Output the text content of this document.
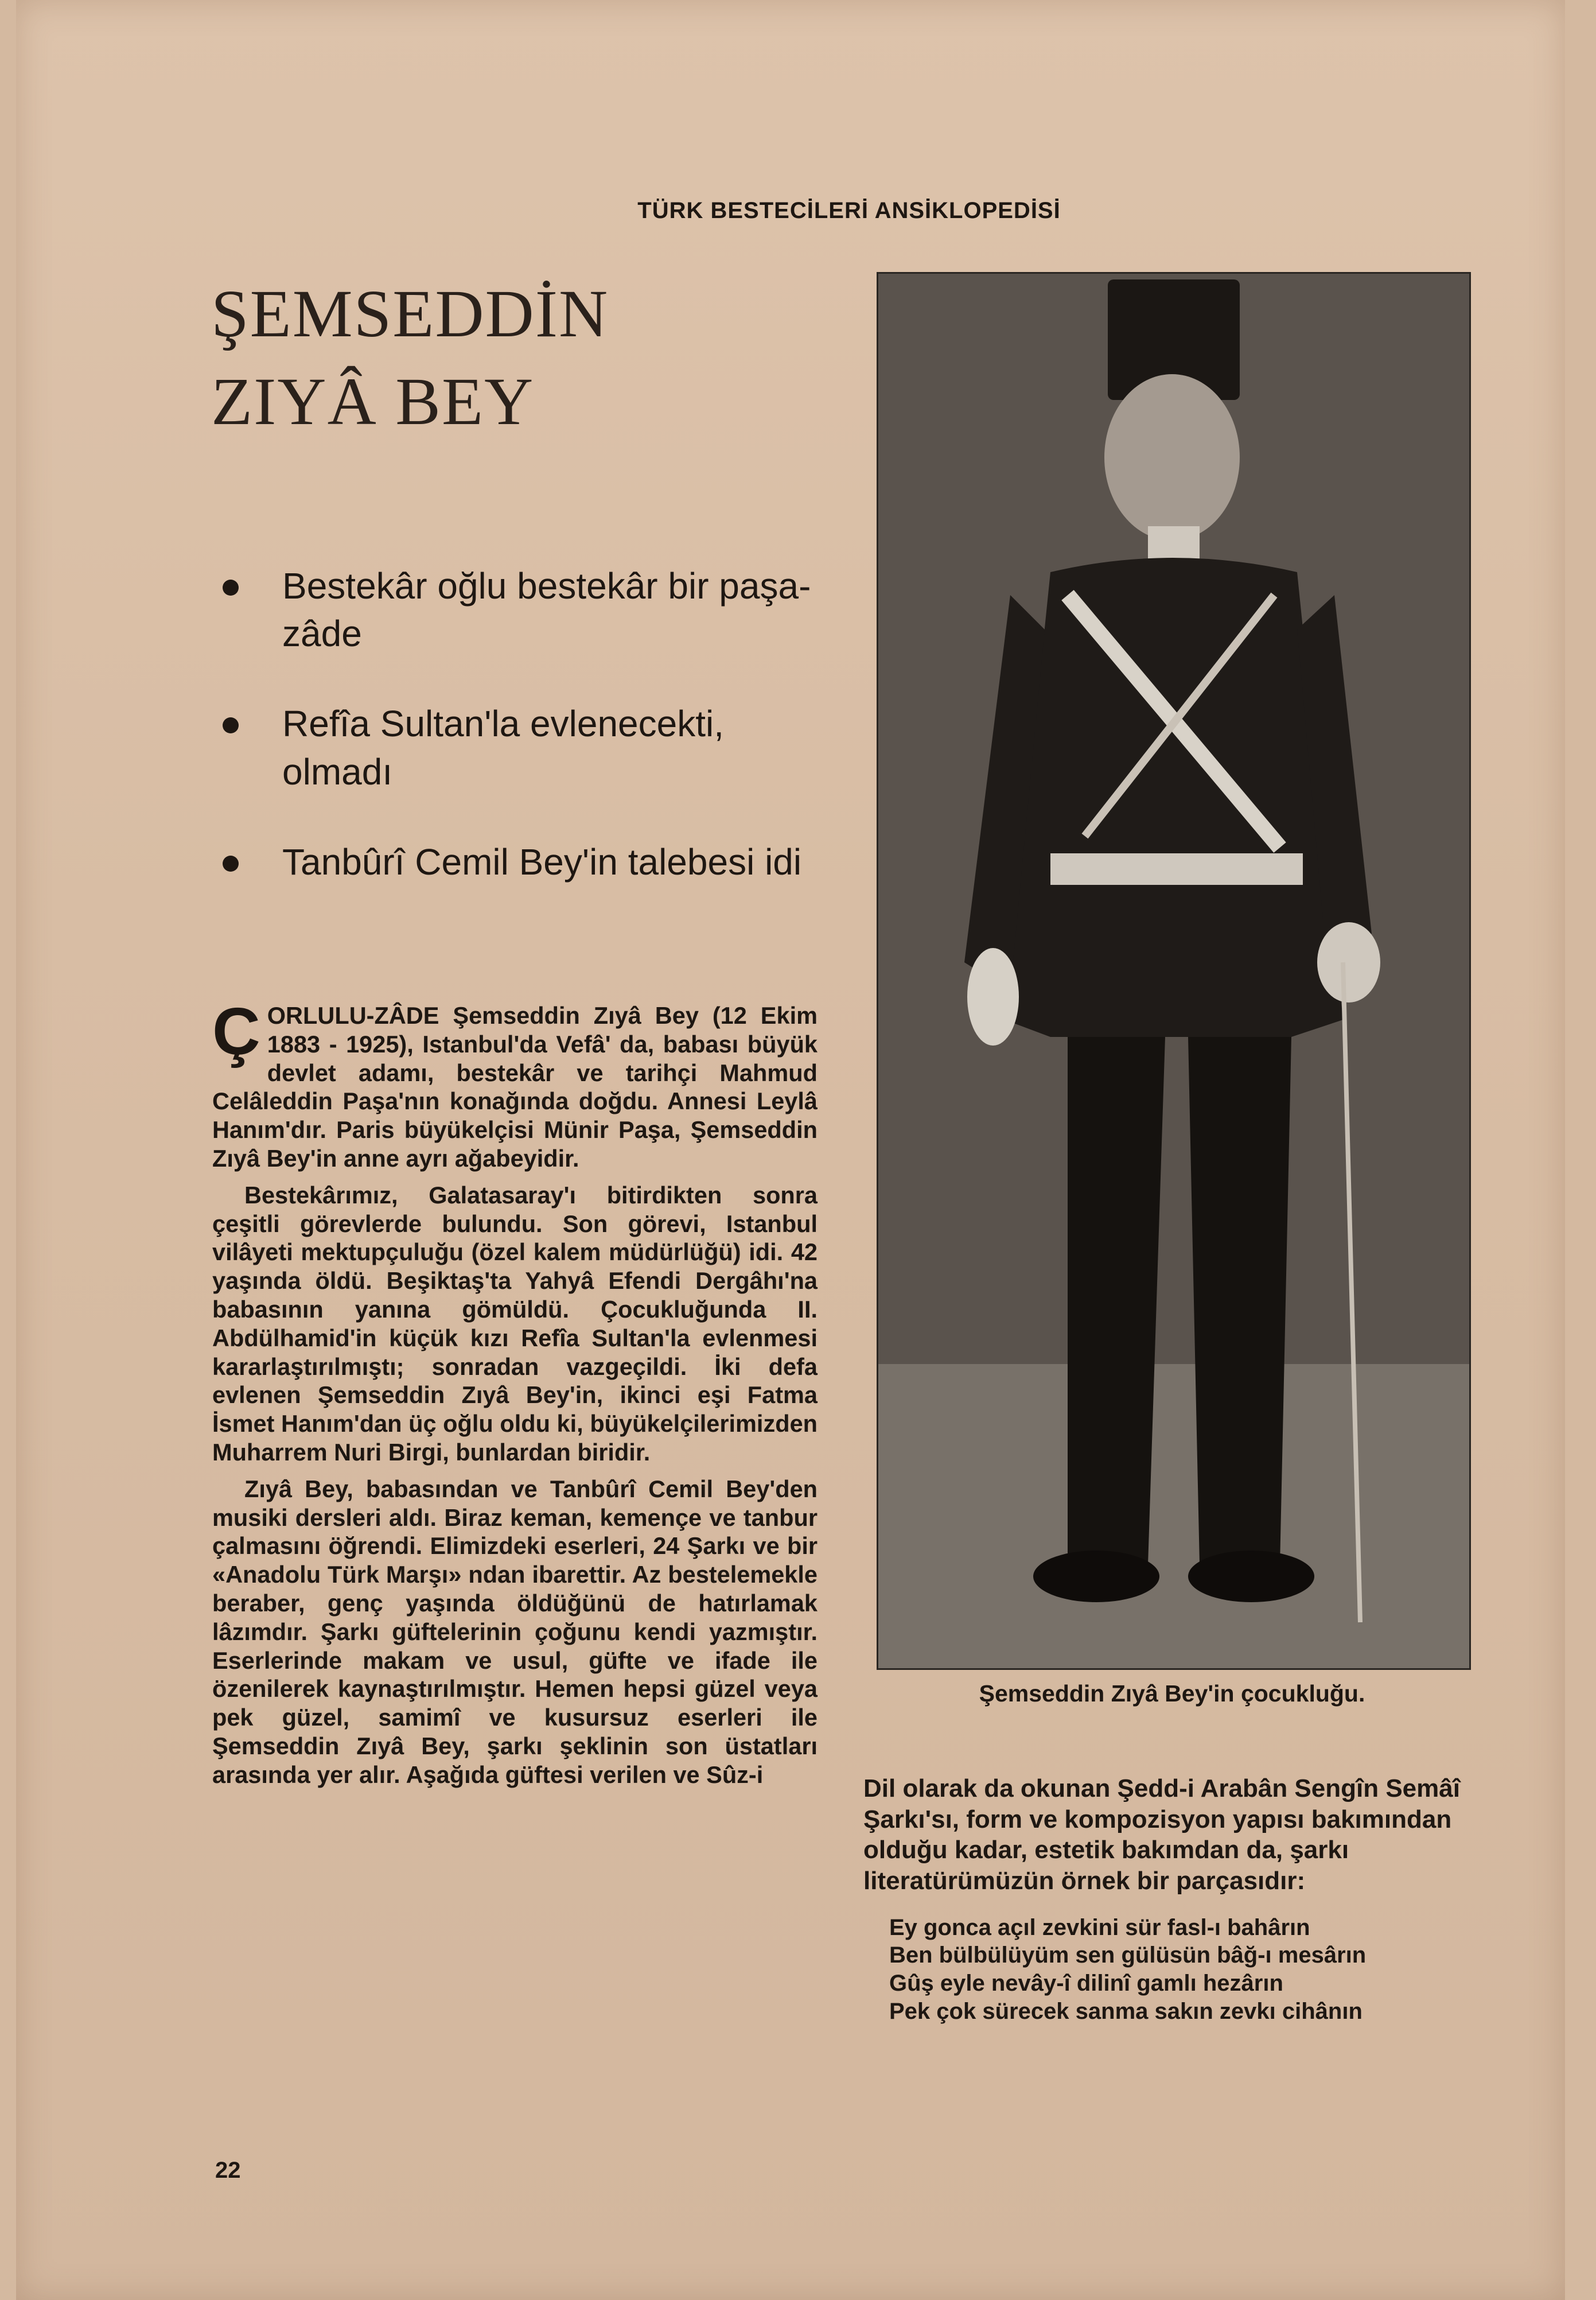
TÜRK BESTECİLERİ ANSİKLOPEDİSİ
ŞEMSEDDİN
ZIYÂ BEY
Bestekâr oğlu bestekâr bir paşa-zâde
Refîa Sultan'la evlenecekti, olmadı
Tanbûrî Cemil Bey'in talebesi idi

ÇORLULU-ZÂDE Şemseddin Zıyâ Bey (12 Ekim 1883 - 1925), Istanbul'da Vefâ' da, babası büyük devlet adamı, bestekâr ve tarihçi Mahmud Celâleddin Paşa'nın konağında doğdu. Annesi Leylâ Hanım'dır. Paris büyükelçisi Münir Paşa, Şemseddin Zıyâ Bey'in anne ayrı ağabeyidir.

Bestekârımız, Galatasaray'ı bitirdikten sonra çeşitli görevlerde bulundu. Son görevi, Istanbul vilâyeti mektupçuluğu (özel kalem müdürlüğü) idi. 42 yaşında öldü. Beşiktaş'ta Yahyâ Efendi Dergâhı'na babasının yanına gömüldü. Çocukluğunda II. Abdülhamid'in küçük kızı Refîa Sultan'la evlenmesi kararlaştırılmıştı; sonradan vazgeçildi. İki defa evlenen Şemseddin Zıyâ Bey'in, ikinci eşi Fatma İsmet Hanım'dan üç oğlu oldu ki, büyükelçilerimizden Muharrem Nuri Birgi, bunlardan biridir.

Zıyâ Bey, babasından ve Tanbûrî Cemil Bey'den musiki dersleri aldı. Biraz keman, kemençe ve tanbur çalmasını öğrendi. Elimizdeki eserleri, 24 Şarkı ve bir «Anadolu Türk Marşı» ndan ibarettir. Az bestelemekle beraber, genç yaşında öldüğünü de hatırlamak lâzımdır. Şarkı güftelerinin çoğunu kendi yazmıştır. Eserlerinde makam ve usul, güfte ve ifade ile özenilerek kaynaştırılmıştır. Hemen hepsi güzel veya pek güzel, samimî ve kusursuz eserleri ile Şemseddin Zıyâ Bey, şarkı şeklinin son üstatları arasında yer alır. Aşağıda güftesi verilen ve Sûz-i

Şemseddin Zıyâ Bey'in çocukluğu.

Dil olarak da okunan Şedd-i Arabân Sengîn Semâî Şarkı'sı, form ve kompozisyon yapısı bakımından olduğu kadar, estetik bakımdan da, şarkı literatürümüzün örnek bir parçasıdır:

Ey gonca açıl zevkini sür fasl-ı bahârın
Ben bülbülüyüm sen gülüsün bâğ-ı mesârın
Gûş eyle nevây-î dilinî gamlı hezârın
Pek çok sürecek sanma sakın zevkı cihânın
22
